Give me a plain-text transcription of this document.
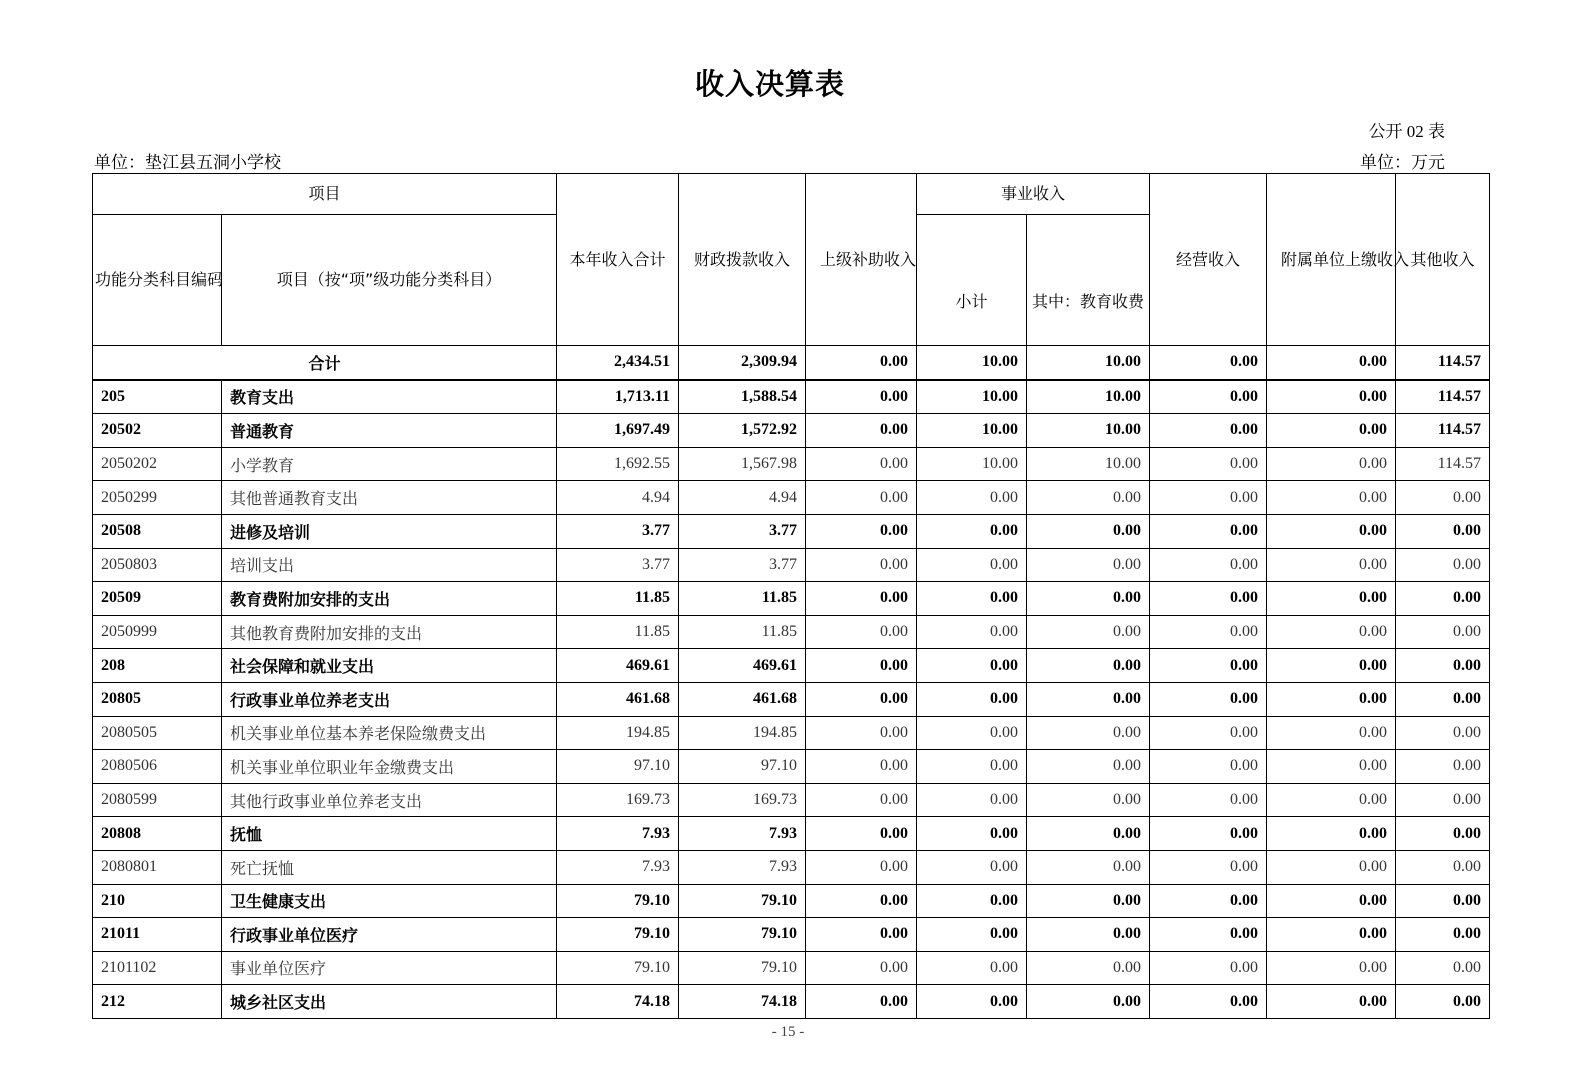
收入决算表
公开 02 表
单位：垫江县五洞小学校	单位：万元
项目		本年收入合计	财政拨款收入	上级补助收入	事业收入		经营收入	附属单位上缴收入	其他收入
功能分类科目编码	项目（按“项”级功能分类科目）				小计	其中：教育收费			
合计		2,434.51	2,309.94	0.00	10.00	10.00	0.00	0.00	114.57
205	教育支出	1,713.11	1,588.54	0.00	10.00	10.00	0.00	0.00	114.57
20502	普通教育	1,697.49	1,572.92	0.00	10.00	10.00	0.00	0.00	114.57
2050202	小学教育	1,692.55	1,567.98	0.00	10.00	10.00	0.00	0.00	114.57
2050299	其他普通教育支出	4.94	4.94	0.00	0.00	0.00	0.00	0.00	0.00
20508	进修及培训	3.77	3.77	0.00	0.00	0.00	0.00	0.00	0.00
2050803	培训支出	3.77	3.77	0.00	0.00	0.00	0.00	0.00	0.00
20509	教育费附加安排的支出	11.85	11.85	0.00	0.00	0.00	0.00	0.00	0.00
2050999	其他教育费附加安排的支出	11.85	11.85	0.00	0.00	0.00	0.00	0.00	0.00
208	社会保障和就业支出	469.61	469.61	0.00	0.00	0.00	0.00	0.00	0.00
20805	行政事业单位养老支出	461.68	461.68	0.00	0.00	0.00	0.00	0.00	0.00
2080505	机关事业单位基本养老保险缴费支出	194.85	194.85	0.00	0.00	0.00	0.00	0.00	0.00
2080506	机关事业单位职业年金缴费支出	97.10	97.10	0.00	0.00	0.00	0.00	0.00	0.00
2080599	其他行政事业单位养老支出	169.73	169.73	0.00	0.00	0.00	0.00	0.00	0.00
20808	抚恤	7.93	7.93	0.00	0.00	0.00	0.00	0.00	0.00
2080801	死亡抚恤	7.93	7.93	0.00	0.00	0.00	0.00	0.00	0.00
210	卫生健康支出	79.10	79.10	0.00	0.00	0.00	0.00	0.00	0.00
21011	行政事业单位医疗	79.10	79.10	0.00	0.00	0.00	0.00	0.00	0.00
2101102	事业单位医疗	79.10	79.10	0.00	0.00	0.00	0.00	0.00	0.00
212	城乡社区支出	74.18	74.18	0.00	0.00	0.00	0.00	0.00	0.00
- 15 -
